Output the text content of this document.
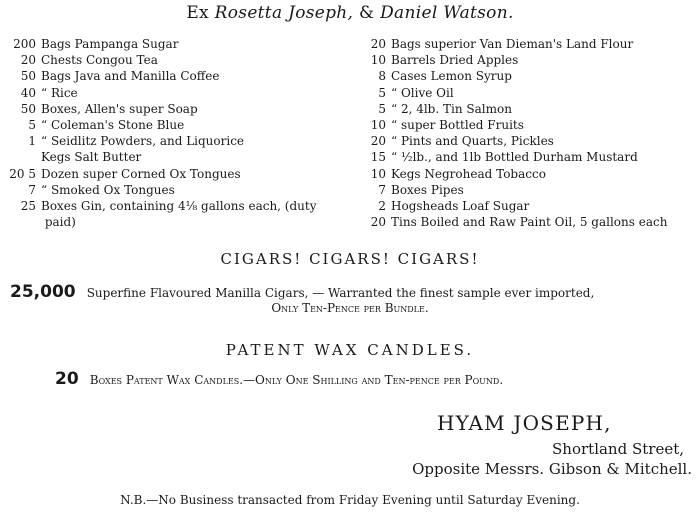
Ex Rosetta Joseph, & Daniel Watson.
200 Bags Pampanga Sugar
20 Chests Congou Tea
50 Bags Java and Manilla Coffee
40 “ Rice
50 Boxes, Allen's super Soap
5 “ Coleman's Stone Blue
1 “ Seidlitz Powders, and Liquorice
Kegs Salt Butter
20 5 Dozen super Corned Ox Tongues
7 “ Smoked Ox Tongues
25 Boxes Gin, containing 4⅛ gallons each, (duty
paid)
20 Bags superior Van Dieman's Land Flour
10 Barrels Dried Apples
8 Cases Lemon Syrup
5 “ Olive Oil
5 “ 2, 4lb. Tin Salmon
10 “ super Bottled Fruits
20 “ Pints and Quarts, Pickles
15 “ ½lb., and 1lb Bottled Durham Mustard
10 Kegs Negrohead Tobacco
7 Boxes Pipes
2 Hogsheads Loaf Sugar
20 Tins Boiled and Raw Paint Oil, 5 gallons each
CIGARS! CIGARS! CIGARS!
25,000 Superfine Flavoured Manilla Cigars, — Warranted the finest sample ever imported,
Only Ten-Pence per Bundle.
PATENT WAX CANDLES.
20 Boxes Patent Wax Candles.—Only One Shilling and Ten-pence per Pound.
HYAM JOSEPH,
Shortland Street,
Opposite Messrs. Gibson & Mitchell.
N.B.—No Business transacted from Friday Evening until Saturday Evening.
